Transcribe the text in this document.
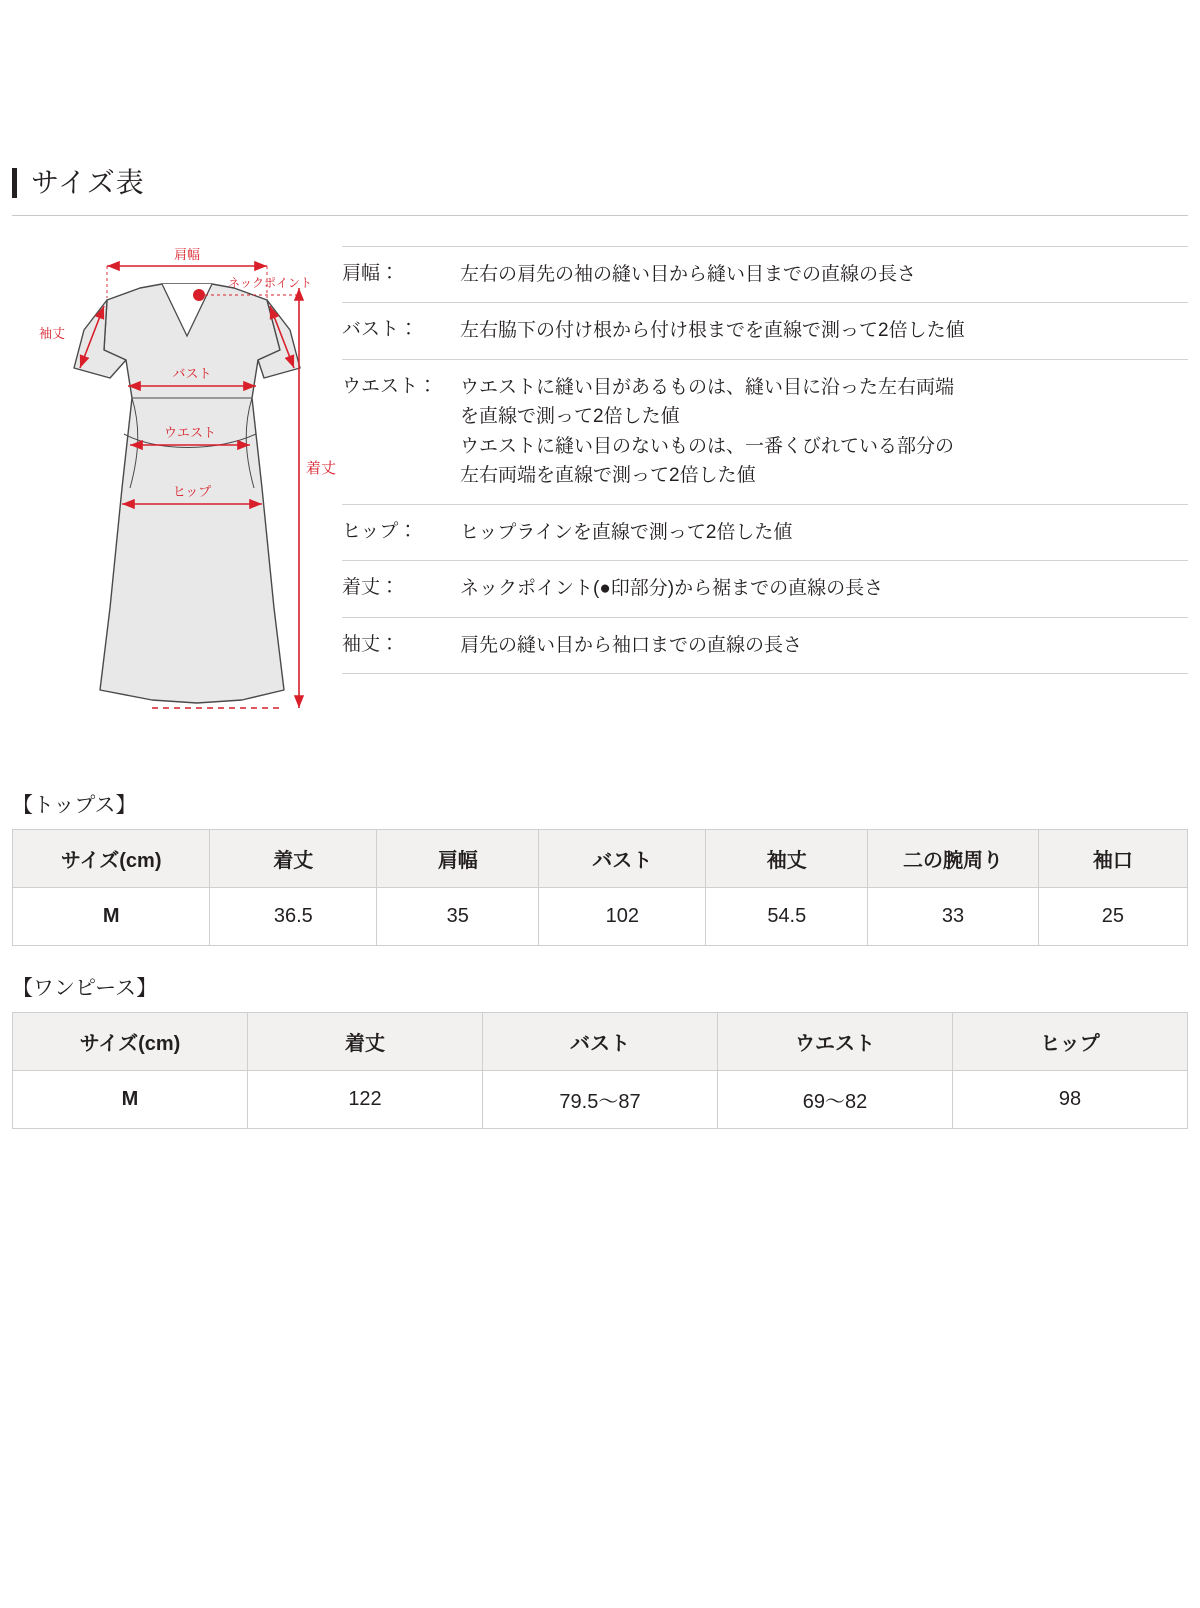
サイズ表
肩幅
ネックポイント
袖丈
バスト
ウエスト
ヒップ
着丈
肩幅：	左右の肩先の袖の縫い目から縫い目までの直線の長さ

バスト：	左右脇下の付け根から付け根までを直線で測って2倍した値

ウエスト：	ウエストに縫い目があるものは、縫い目に沿った左右両端

を直線で測って2倍した値

ウエストに縫い目のないものは、一番くびれている部分の

左右両端を直線で測って2倍した値

ヒップ：	ヒップラインを直線で測って2倍した値

着丈：	ネックポイント(●印部分)から裾までの直線の長さ

袖丈：	肩先の縫い目から袖口までの直線の長さ

【トップス】
サイズ(cm)	着丈	肩幅	バスト	袖丈	二の腕周り	袖口
M	36.5	35	102	54.5	33	25
【ワンピース】
サイズ(cm)	着丈	バスト	ウエスト	ヒップ
M	122	79.5〜87	69〜82	98
